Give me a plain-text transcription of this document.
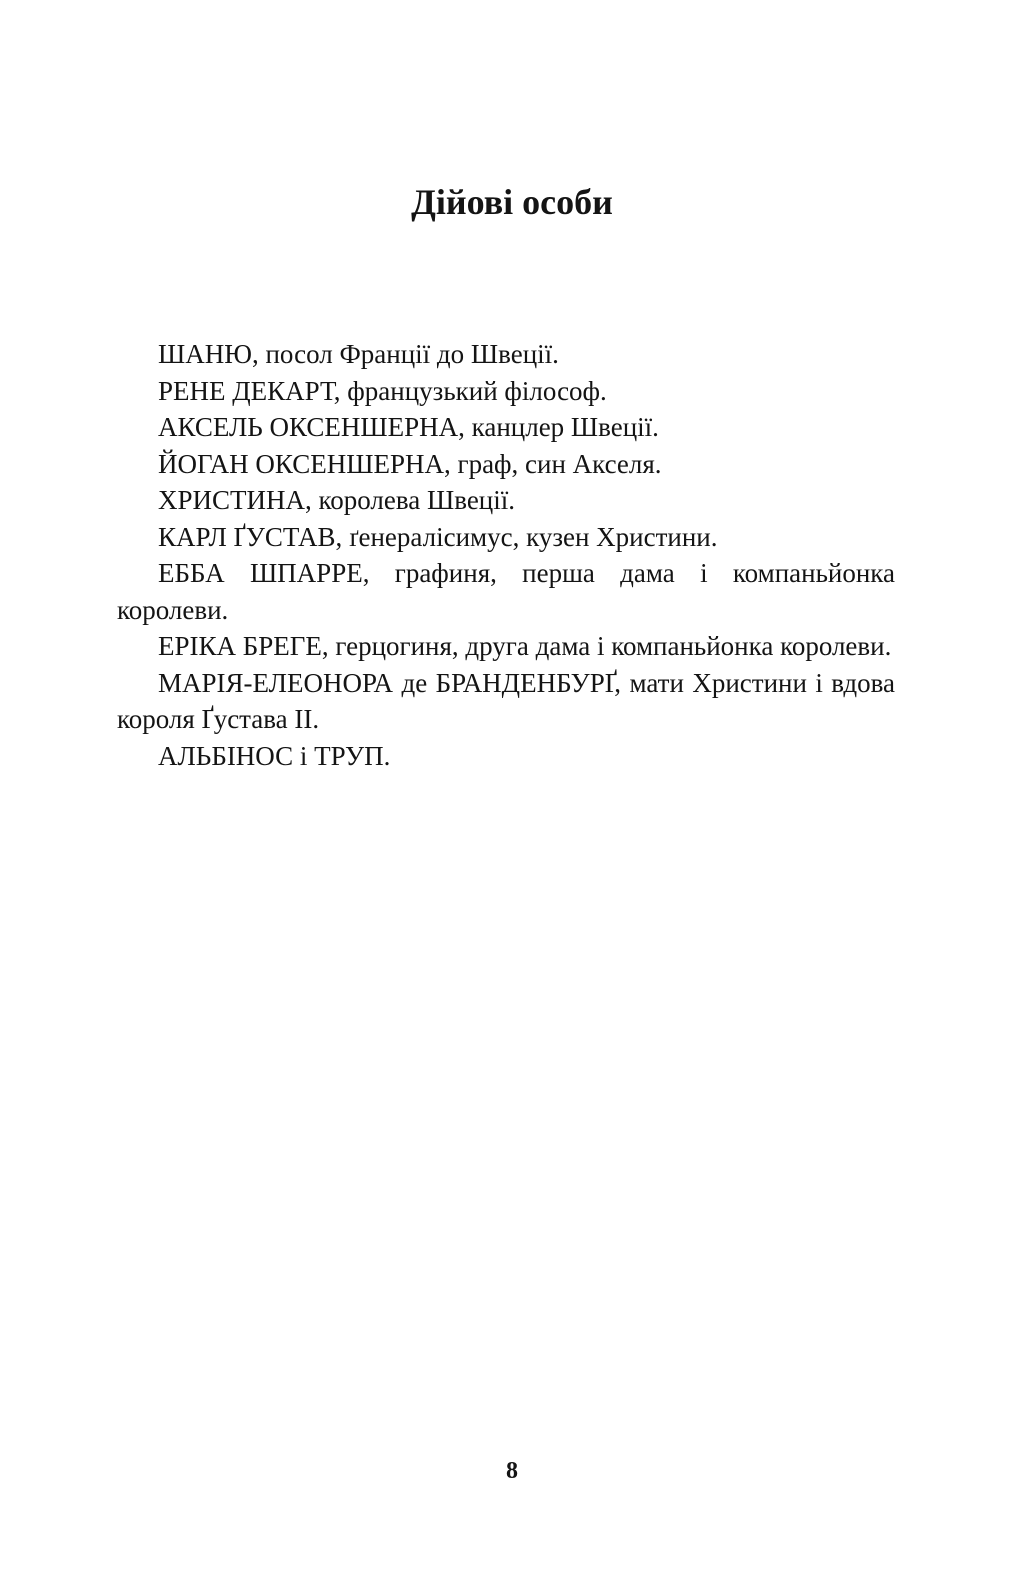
Дійові особи
ШАНЮ, посол Франції до Швеції.
РЕНЕ ДЕКАРТ, французький філософ.
АКСЕЛЬ ОКСЕНШЕРНА, канцлер Швеції.
ЙОГАН ОКСЕНШЕРНА, граф, син Акселя.
ХРИСТИНА, королева Швеції.
КАРЛ ҐУСТАВ, ґенералісимус, кузен Христини.
ЕББА ШПАРРЕ, графиня, перша дама і компаньйонка королеви.
ЕРІКА БРЕГЕ, герцогиня, друга дама і компаньйонка королеви.
МАРІЯ-ЕЛЕОНОРА де БРАНДЕНБУРҐ, мати Христини і вдова короля Ґустава ІІ.
АЛЬБІНОС і ТРУП.
8
